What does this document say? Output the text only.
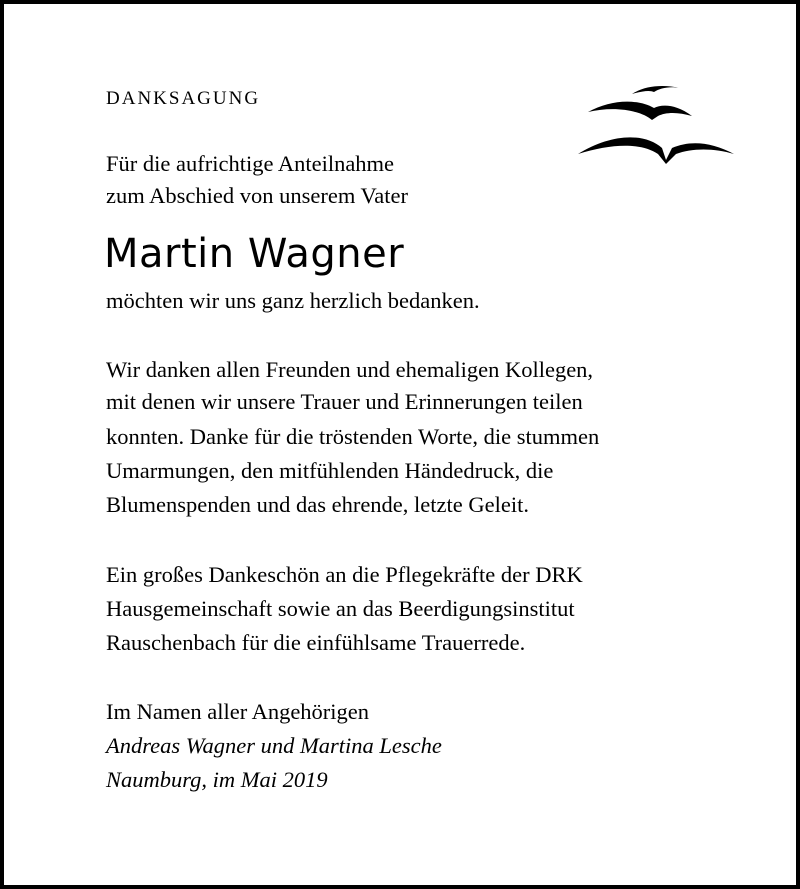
DANKSAGUNG
Für die aufrichtige Anteilnahme
zum Abschied von unserem Vater
Martin Wagner
möchten wir uns ganz herzlich bedanken.
Wir danken allen Freunden und ehemaligen Kollegen,
mit denen wir unsere Trauer und Erinnerungen teilen
konnten. Danke für die tröstenden Worte, die stummen
Umarmungen, den mitfühlenden Händedruck, die
Blumenspenden und das ehrende, letzte Geleit.
Ein großes Dankeschön an die Pflegekräfte der DRK
Hausgemeinschaft sowie an das Beerdigungsinstitut
Rauschenbach für die einfühlsame Trauerrede.
Im Namen aller Angehörigen
Andreas Wagner und Martina Lesche
Naumburg, im Mai 2019
